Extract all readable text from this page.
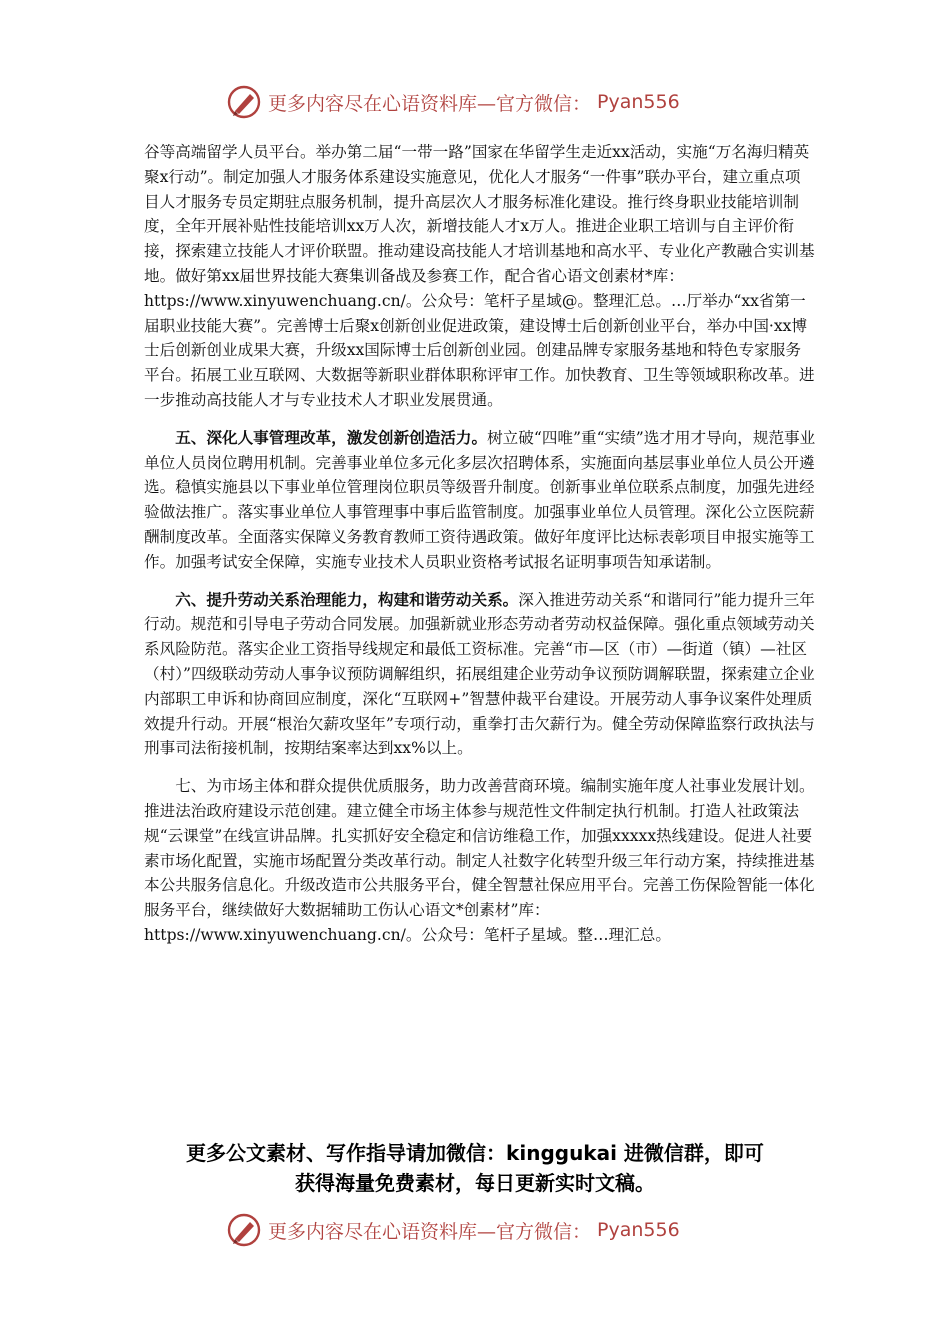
更多内容尽在心语资料库—官方微信： Pyan556

谷等高端留学人员平台。举办第二届“一带一路”国家在华留学生走近xx活动，实施“万名海归精英聚x行动”。制定加强人才服务体系建设实施意见，优化人才服务“一件事”联办平台，建立重点项目人才服务专员定期驻点服务机制，提升高层次人才服务标准化建设。推行终身职业技能培训制度，全年开展补贴性技能培训xx万人次，新增技能人才x万人。推进企业职工培训与自主评价衔接，探索建立技能人才评价联盟。推动建设高技能人才培训基地和高水平、专业化产教融合实训基地。做好第xx届世界技能大赛集训备战及参赛工作，配合省心语文创素材*库：https://www.xinyuwenchuang.cn/。公众号：笔杆子星域@。整理汇总。…厅举办“xx省第一届职业技能大赛”。完善博士后聚x创新创业促进政策，建设博士后创新创业平台，举办中国·xx博士后创新创业成果大赛，升级xx国际博士后创新创业园。创建品牌专家服务基地和特色专家服务平台。拓展工业互联网、大数据等新职业群体职称评审工作。加快教育、卫生等领域职称改革。进一步推动高技能人才与专业技术人才职业发展贯通。

五、深化人事管理改革，激发创新创造活力。树立破“四唯”重“实绩”选才用才导向，规范事业单位人员岗位聘用机制。完善事业单位多元化多层次招聘体系，实施面向基层事业单位人员公开遴选。稳慎实施县以下事业单位管理岗位职员等级晋升制度。创新事业单位联系点制度，加强先进经验做法推广。落实事业单位人事管理事中事后监管制度。加强事业单位人员管理。深化公立医院薪酬制度改革。全面落实保障义务教育教师工资待遇政策。做好年度评比达标表彰项目申报实施等工作。加强考试安全保障，实施专业技术人员职业资格考试报名证明事项告知承诺制。

六、提升劳动关系治理能力，构建和谐劳动关系。深入推进劳动关系“和谐同行”能力提升三年行动。规范和引导电子劳动合同发展。加强新就业形态劳动者劳动权益保障。强化重点领域劳动关系风险防范。落实企业工资指导线规定和最低工资标准。完善“市—区（市）—街道（镇）—社区（村）”四级联动劳动人事争议预防调解组织，拓展组建企业劳动争议预防调解联盟，探索建立企业内部职工申诉和协商回应制度，深化“互联网+”智慧仲裁平台建设。开展劳动人事争议案件处理质效提升行动。开展“根治欠薪攻坚年”专项行动，重拳打击欠薪行为。健全劳动保障监察行政执法与刑事司法衔接机制，按期结案率达到xx%以上。

七、为市场主体和群众提供优质服务，助力改善营商环境。编制实施年度人社事业发展计划。推进法治政府建设示范创建。建立健全市场主体参与规范性文件制定执行机制。打造人社政策法规“云课堂”在线宣讲品牌。扎实抓好安全稳定和信访维稳工作，加强xxxxx热线建设。促进人社要素市场化配置，实施市场配置分类改革行动。制定人社数字化转型升级三年行动方案，持续推进基本公共服务信息化。升级改造市公共服务平台，健全智慧社保应用平台。完善工伤保险智能一体化服务平台，继续做好大数据辅助工伤认心语文*创素材”库：https://www.xinyuwenchuang.cn/。公众号：笔杆子星域。整…理汇总。

更多公文素材、写作指导请加微信：kinggukai 进微信群，即可
获得海量免费素材，每日更新实时文稿。
更多内容尽在心语资料库—官方微信： Pyan556
